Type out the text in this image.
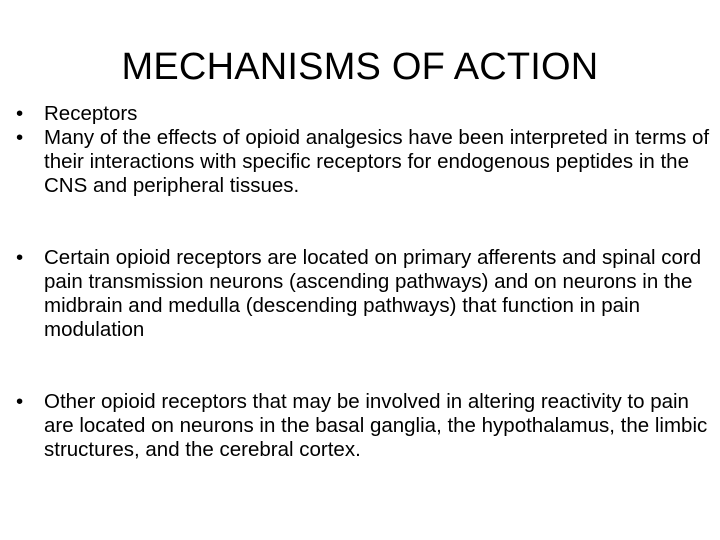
MECHANISMS OF ACTION
•	Receptors
•	Many of the effects of opioid analgesics have been interpreted in terms of their interactions with specific receptors for endogenous peptides in the CNS and peripheral tissues.
•	Certain opioid receptors are located on primary afferents and spinal cord pain transmission neurons (ascending pathways) and on neurons in the midbrain and medulla (descending pathways) that function in pain modulation
•	Other opioid receptors that may be involved in altering reactivity to pain are located on neurons in the basal ganglia, the hypothalamus, the limbic structures, and the cerebral cortex.
